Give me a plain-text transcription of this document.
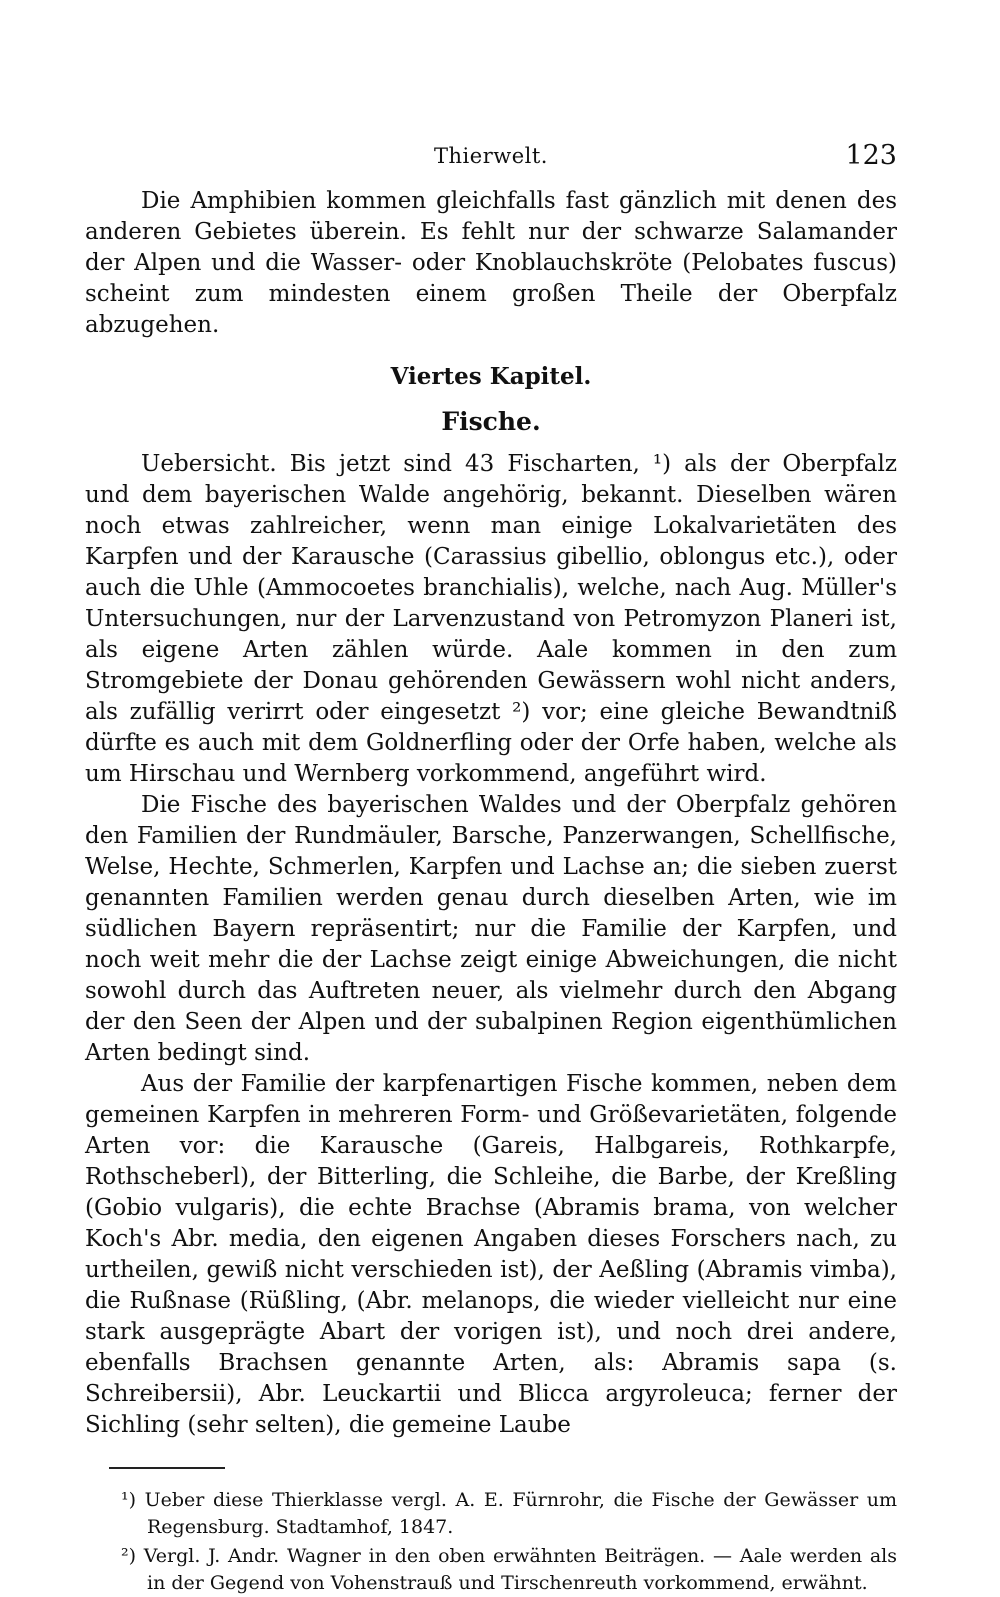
Thierwelt.	123

Die Amphibien kommen gleichfalls fast gänzlich mit denen des anderen Gebietes überein. Es fehlt nur der schwarze Salamander der Alpen und die Wasser- oder Knoblauchskröte (Pelobates fuscus) scheint zum mindesten einem großen Theile der Oberpfalz abzugehen.

Viertes Kapitel.
Fische.

Uebersicht. Bis jetzt sind 43 Fischarten, ¹) als der Oberpfalz und dem bayerischen Walde angehörig, bekannt. Dieselben wären noch etwas zahlreicher, wenn man einige Lokalvarietäten des Karpfen und der Karausche (Carassius gibellio, oblongus etc.), oder auch die Uhle (Ammocoetes branchialis), welche, nach Aug. Müller's Untersuchungen, nur der Larvenzustand von Petromyzon Planeri ist, als eigene Arten zählen würde. Aale kommen in den zum Stromgebiete der Donau gehörenden Gewässern wohl nicht anders, als zufällig verirrt oder eingesetzt ²) vor; eine gleiche Bewandtniß dürfte es auch mit dem Goldnerfling oder der Orfe haben, welche als um Hirschau und Wernberg vorkommend, angeführt wird.

Die Fische des bayerischen Waldes und der Oberpfalz gehören den Familien der Rundmäuler, Barsche, Panzerwangen, Schellfische, Welse, Hechte, Schmerlen, Karpfen und Lachse an; die sieben zuerst genannten Familien werden genau durch dieselben Arten, wie im südlichen Bayern repräsentirt; nur die Familie der Karpfen, und noch weit mehr die der Lachse zeigt einige Abweichungen, die nicht sowohl durch das Auftreten neuer, als vielmehr durch den Abgang der den Seen der Alpen und der subalpinen Region eigenthümlichen Arten bedingt sind.

Aus der Familie der karpfenartigen Fische kommen, neben dem gemeinen Karpfen in mehreren Form- und Größevarietäten, folgende Arten vor: die Karausche (Gareis, Halbgareis, Rothkarpfe, Rothscheberl), der Bitterling, die Schleihe, die Barbe, der Kreßling (Gobio vulgaris), die echte Brachse (Abramis brama, von welcher Koch's Abr. media, den eigenen Angaben dieses Forschers nach, zu urtheilen, gewiß nicht verschieden ist), der Aeßling (Abramis vimba), die Rußnase (Rüßling, (Abr. melanops, die wieder vielleicht nur eine stark ausgeprägte Abart der vorigen ist), und noch drei andere, ebenfalls Brachsen genannte Arten, als: Abramis sapa (s. Schreibersii), Abr. Leuckartii und Blicca argyroleuca; ferner der Sichling (sehr selten), die gemeine Laube

¹) Ueber diese Thierklasse vergl. A. E. Fürnrohr, die Fische der Gewässer um Regensburg. Stadtamhof, 1847.

²) Vergl. J. Andr. Wagner in den oben erwähnten Beiträgen. — Aale werden als in der Gegend von Vohenstrauß und Tirschenreuth vorkommend, erwähnt.
